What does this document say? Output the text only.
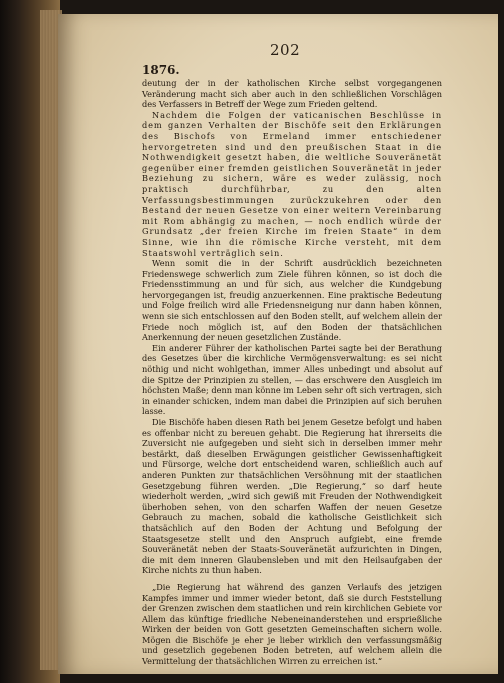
202
1876.

deutung der in der katholischen Kirche selbst vorgegangenen Veränderung macht sich aber auch in den schließlichen Vorschlägen des Verfassers in Betreff der Wege zum Frieden geltend.

Nachdem die Folgen der vaticanischen Beschlüsse in dem ganzen Verhalten der Bischöfe seit den Erklärungen des Bischofs von Ermeland immer entschiedener hervorgetreten sind und den preußischen Staat in die Nothwendigkeit gesetzt haben, die weltliche Souveränetät gegenüber einer fremden geistlichen Souveränetät in jeder Beziehung zu sichern, wäre es weder zulässig, noch praktisch durchführbar, zu den alten Verfassungsbestimmungen zurückzukehren oder den Bestand der neuen Gesetze von einer weitern Vereinbarung mit Rom abhängig zu machen, — noch endlich würde der Grundsatz „der freien Kirche im freien Staate“ in dem Sinne, wie ihn die römische Kirche versteht, mit dem Staatswohl verträglich sein.

Wenn somit die in der Schrift ausdrücklich bezeichneten Friedenswege schwerlich zum Ziele führen können, so ist doch die Friedensstimmung an und für sich, aus welcher die Kundgebung hervorgegangen ist, freudig anzuerkennen. Eine praktische Bedeutung und Folge freilich wird alle Friedensneigung nur dann haben können, wenn sie sich entschlossen auf den Boden stellt, auf welchem allein der Friede noch möglich ist, auf den Boden der thatsächlichen Anerkennung der neuen gesetzlichen Zustände.

Ein anderer Führer der katholischen Partei sagte bei der Berathung des Gesetzes über die kirchliche Vermögensverwaltung: es sei nicht nöthig und nicht wohlgethan, immer Alles unbedingt und absolut auf die Spitze der Prinzipien zu stellen, — das erschwere den Ausgleich im höchsten Maße; denn man könne im Leben sehr oft sich vertragen, sich in einander schicken, indem man dabei die Prinzipien auf sich beruhen lasse.

Die Bischöfe haben diesen Rath bei jenem Gesetze befolgt und haben es offenbar nicht zu bereuen gehabt. Die Regierung hat ihrerseits die Zuversicht nie aufgegeben und sieht sich in derselben immer mehr bestärkt, daß dieselben Erwägungen geistlicher Gewissenhaftigkeit und Fürsorge, welche dort entscheidend waren, schließlich auch auf anderen Punkten zur thatsächlichen Versöhnung mit der staatlichen Gesetzgebung führen werden. „Die Regierung,“ so darf heute wiederholt werden, „wird sich gewiß mit Freuden der Nothwendigkeit überhoben sehen, von den scharfen Waffen der neuen Gesetze Gebrauch zu machen, sobald die katholische Geistlichkeit sich thatsächlich auf den Boden der Achtung und Befolgung der Staatsgesetze stellt und den Anspruch aufgiebt, eine fremde Souveränetät neben der Staats-Souveränetät aufzurichten in Dingen, die mit dem inneren Glaubensleben und mit den Heilsaufgaben der Kirche nichts zu thun haben.

„Die Regierung hat während des ganzen Verlaufs des jetzigen Kampfes immer und immer wieder betont, daß sie durch Feststellung der Grenzen zwischen dem staatlichen und rein kirchlichen Gebiete vor Allem das künftige friedliche Nebeneinanderstehen und ersprießliche Wirken der beiden von Gott gesetzten Gemeinschaften sichern wolle. Mögen die Bischöfe je eher je lieber wirklich den verfassungsmäßig und gesetzlich gegebenen Boden betreten, auf welchem allein die Vermittelung der thatsächlichen Wirren zu erreichen ist.“
